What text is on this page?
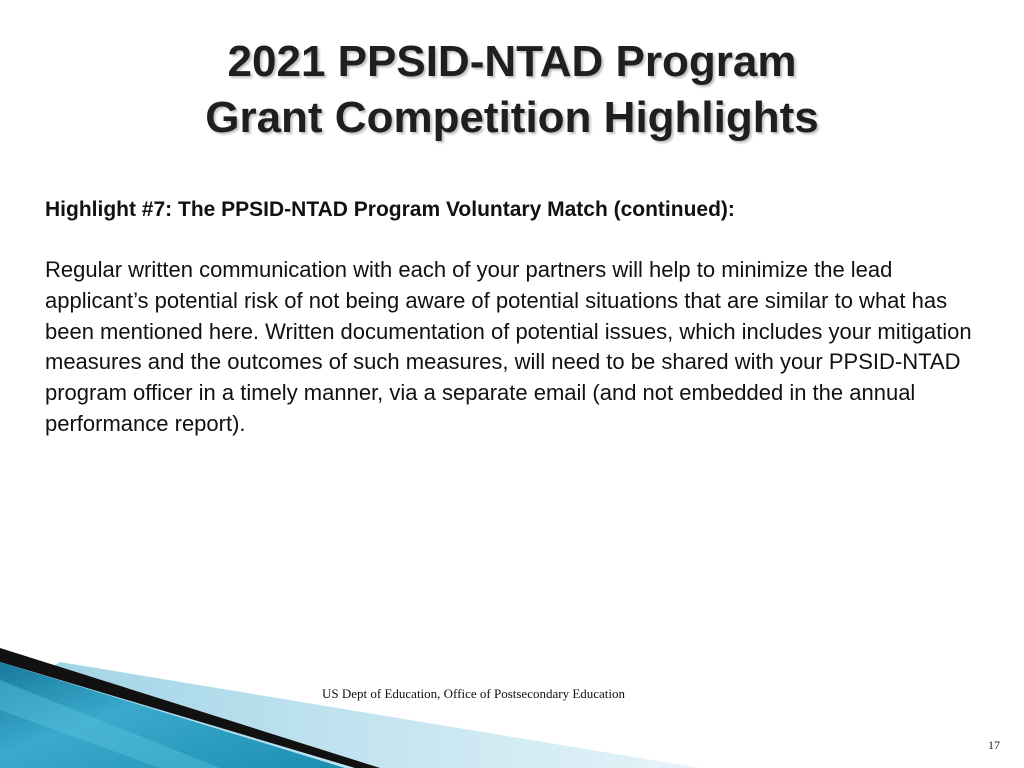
2021 PPSID-NTAD Program
Grant Competition Highlights

Highlight #7: The PPSID-NTAD Program Voluntary Match (continued):

Regular written communication with each of your partners will help to minimize the lead applicant’s potential risk of not being aware of potential situations that are similar to what has been mentioned here. Written documentation of potential issues, which includes your mitigation measures and the outcomes of such measures, will need to be shared with your PPSID-NTAD program officer in a timely manner, via a separate email (and not embedded in the annual performance report).

US Dept of Education, Office of Postsecondary Education
17
